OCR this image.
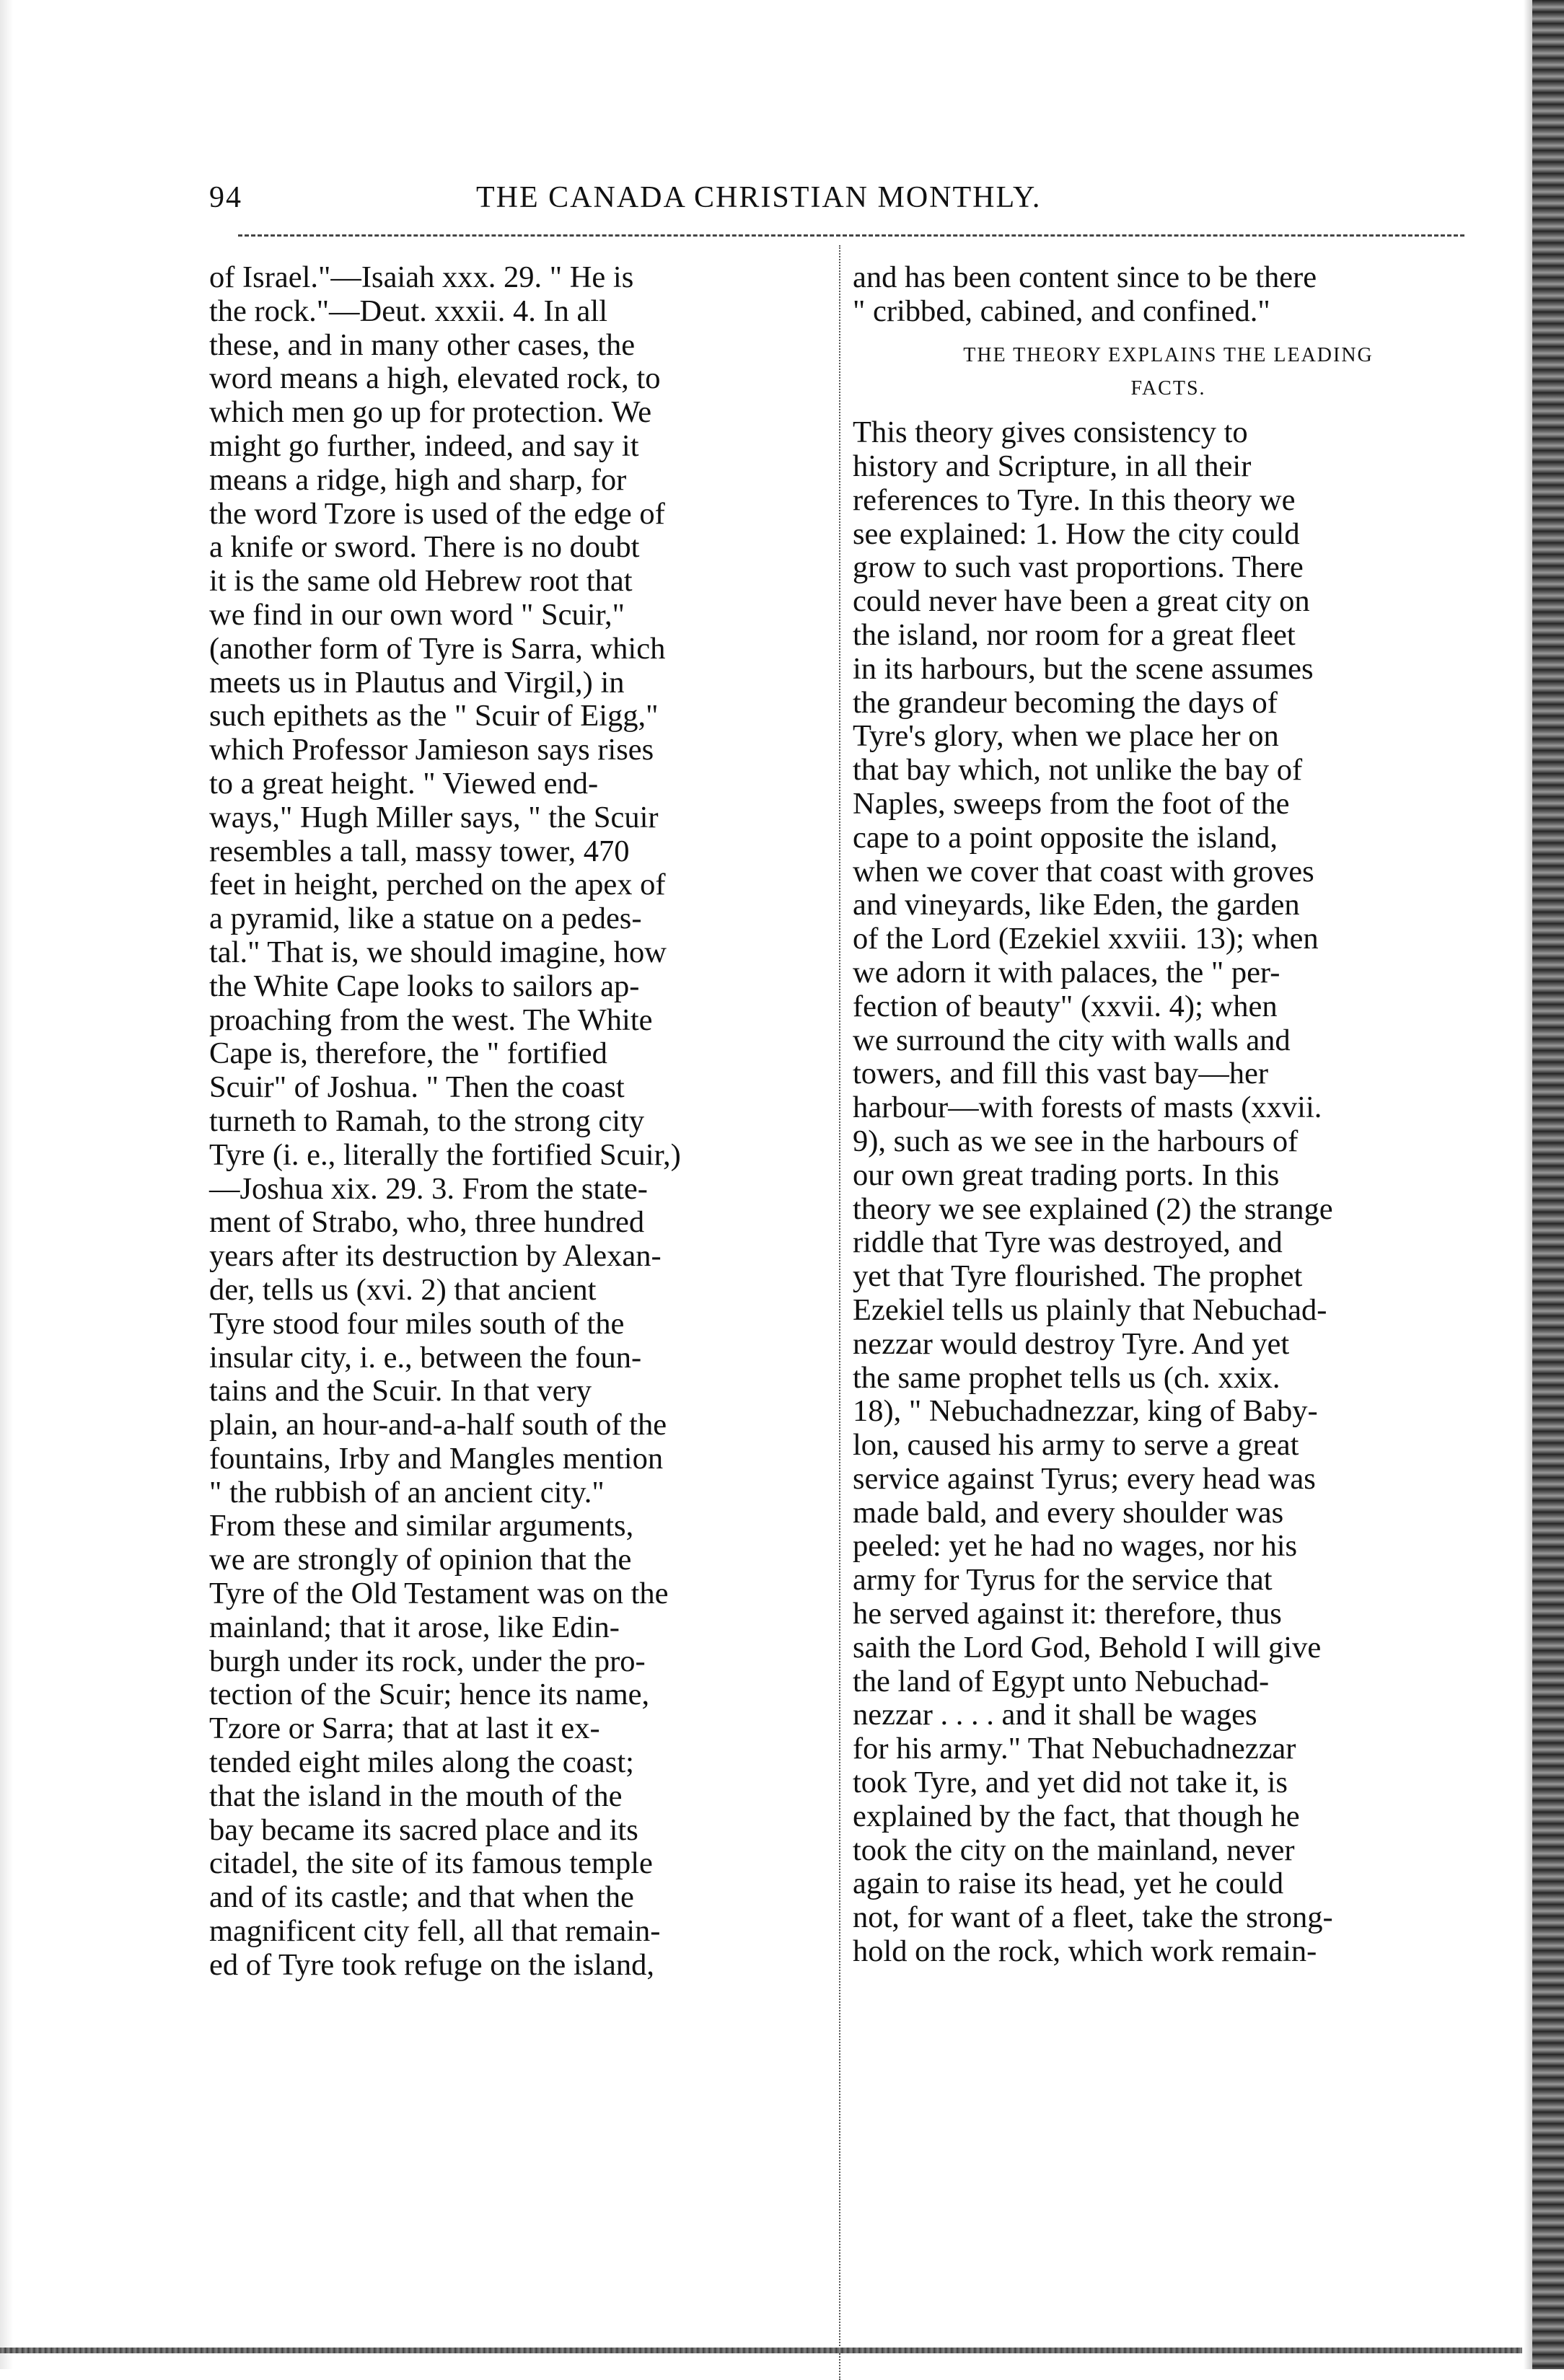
94	THE CANADA CHRISTIAN MONTHLY.
of Israel."—Isaiah xxx. 29. " He is
the rock."—Deut. xxxii. 4. In all
these, and in many other cases, the
word means a high, elevated rock, to
which men go up for protection. We
might go further, indeed, and say it
means a ridge, high and sharp, for
the word Tzore is used of the edge of
a knife or sword. There is no doubt
it is the same old Hebrew root that
we find in our own word " Scuir,"
(another form of Tyre is Sarra, which
meets us in Plautus and Virgil,) in
such epithets as the " Scuir of Eigg,"
which Professor Jamieson says rises
to a great height. " Viewed end-
ways," Hugh Miller says, " the Scuir
resembles a tall, massy tower, 470
feet in height, perched on the apex of
a pyramid, like a statue on a pedes-
tal." That is, we should imagine, how
the White Cape looks to sailors ap-
proaching from the west. The White
Cape is, therefore, the " fortified
Scuir" of Joshua. " Then the coast
turneth to Ramah, to the strong city
Tyre (i. e., literally the fortified Scuir,)
—Joshua xix. 29. 3. From the state-
ment of Strabo, who, three hundred
years after its destruction by Alexan-
der, tells us (xvi. 2) that ancient
Tyre stood four miles south of the
insular city, i. e., between the foun-
tains and the Scuir. In that very
plain, an hour-and-a-half south of the
fountains, Irby and Mangles mention
" the rubbish of an ancient city."
From these and similar arguments,
we are strongly of opinion that the
Tyre of the Old Testament was on the
mainland; that it arose, like Edin-
burgh under its rock, under the pro-
tection of the Scuir; hence its name,
Tzore or Sarra; that at last it ex-
tended eight miles along the coast;
that the island in the mouth of the
bay became its sacred place and its
citadel, the site of its famous temple
and of its castle; and that when the
magnificent city fell, all that remain-
ed of Tyre took refuge on the island,
and has been content since to be there
" cribbed, cabined, and confined."
THE THEORY EXPLAINS THE LEADING
FACTS.
This theory gives consistency to
history and Scripture, in all their
references to Tyre. In this theory we
see explained: 1. How the city could
grow to such vast proportions. There
could never have been a great city on
the island, nor room for a great fleet
in its harbours, but the scene assumes
the grandeur becoming the days of
Tyre's glory, when we place her on
that bay which, not unlike the bay of
Naples, sweeps from the foot of the
cape to a point opposite the island,
when we cover that coast with groves
and vineyards, like Eden, the garden
of the Lord (Ezekiel xxviii. 13); when
we adorn it with palaces, the " per-
fection of beauty" (xxvii. 4); when
we surround the city with walls and
towers, and fill this vast bay—her
harbour—with forests of masts (xxvii.
9), such as we see in the harbours of
our own great trading ports. In this
theory we see explained (2) the strange
riddle that Tyre was destroyed, and
yet that Tyre flourished. The prophet
Ezekiel tells us plainly that Nebuchad-
nezzar would destroy Tyre. And yet
the same prophet tells us (ch. xxix.
18), " Nebuchadnezzar, king of Baby-
lon, caused his army to serve a great
service against Tyrus; every head was
made bald, and every shoulder was
peeled: yet he had no wages, nor his
army for Tyrus for the service that
he served against it: therefore, thus
saith the Lord God, Behold I will give
the land of Egypt unto Nebuchad-
nezzar . . . . and it shall be wages
for his army." That Nebuchadnezzar
took Tyre, and yet did not take it, is
explained by the fact, that though he
took the city on the mainland, never
again to raise its head, yet he could
not, for want of a fleet, take the strong-
hold on the rock, which work remain-
